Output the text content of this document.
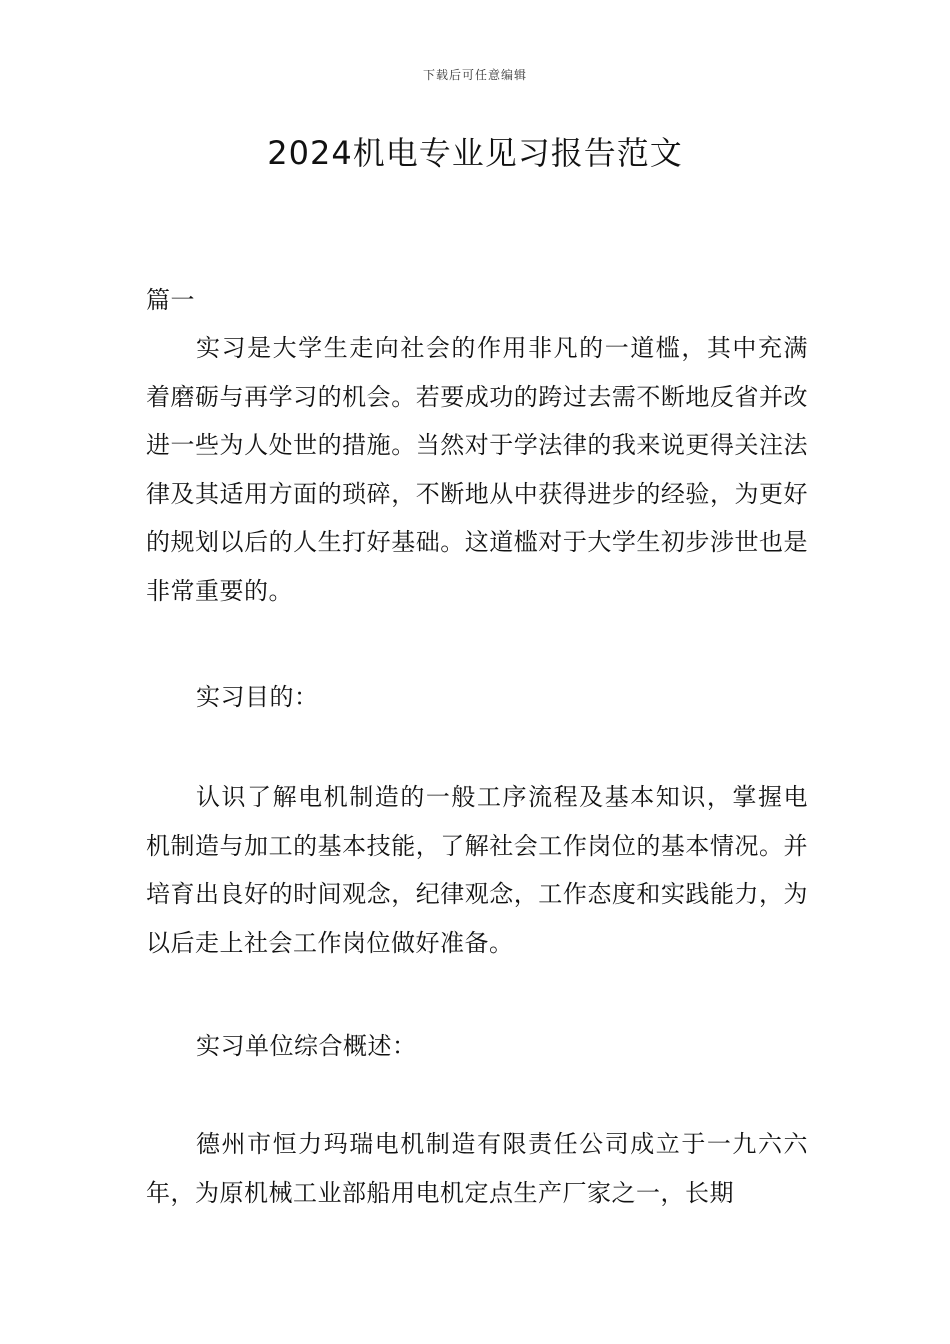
下载后可任意编辑
2024机电专业见习报告范文
篇一
实习是大学生走向社会的作用非凡的一道槛，其中充满着磨砺与再学习的机会。若要成功的跨过去需不断地反省并改进一些为人处世的措施。当然对于学法律的我来说更得关注法律及其适用方面的琐碎，不断地从中获得进步的经验，为更好的规划以后的人生打好基础。这道槛对于大学生初步涉世也是非常重要的。
实习目的：
认识了解电机制造的一般工序流程及基本知识，掌握电机制造与加工的基本技能，了解社会工作岗位的基本情况。并培育出良好的时间观念，纪律观念，工作态度和实践能力，为以后走上社会工作岗位做好准备。
实习单位综合概述：
德州市恒力玛瑞电机制造有限责任公司成立于一九六六年，为原机械工业部船用电机定点生产厂家之一，长期
